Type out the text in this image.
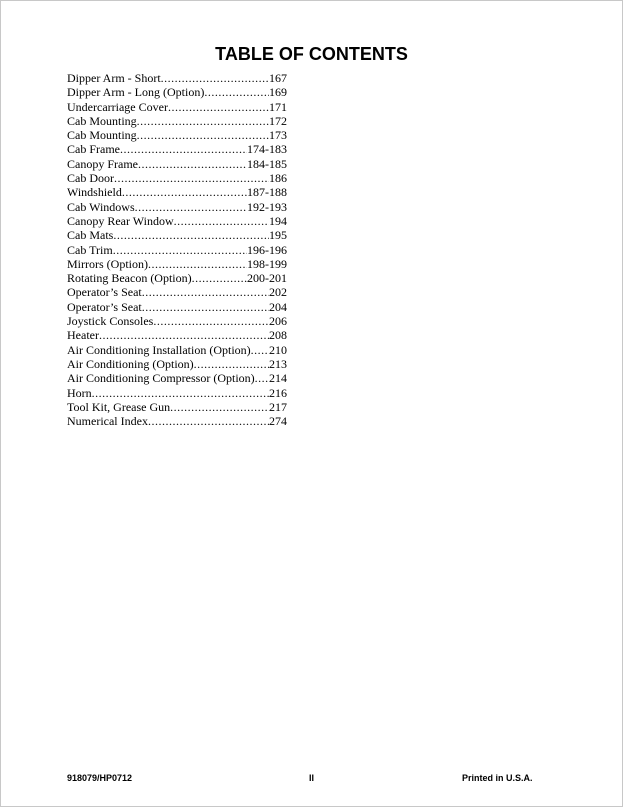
TABLE OF CONTENTS
Dipper Arm - Short .....	167
Dipper Arm - Long (Option) .....	169
Undercarriage Cover .....	171
Cab Mounting .....	172
Cab Mounting .....	173
Cab Frame .....	174-183
Canopy Frame .....	184-185
Cab Door .....	186
Windshield .....	187-188
Cab Windows .....	192-193
Canopy Rear Window .....	194
Cab Mats .....	195
Cab Trim .....	196-196
Mirrors (Option) .....	198-199
Rotating Beacon (Option) .....	200-201
Operator’s Seat .....	202
Operator’s Seat .....	204
Joystick Consoles .....	206
Heater .....	208
Air Conditioning Installation (Option) ..... 210
Air Conditioning (Option) .....	213
Air Conditioning Compressor (Option) ..... 214
Horn .....	216
Tool Kit, Grease Gun .....	217
Numerical Index .....	274
918079/HP0712	II	Printed in U.S.A.
